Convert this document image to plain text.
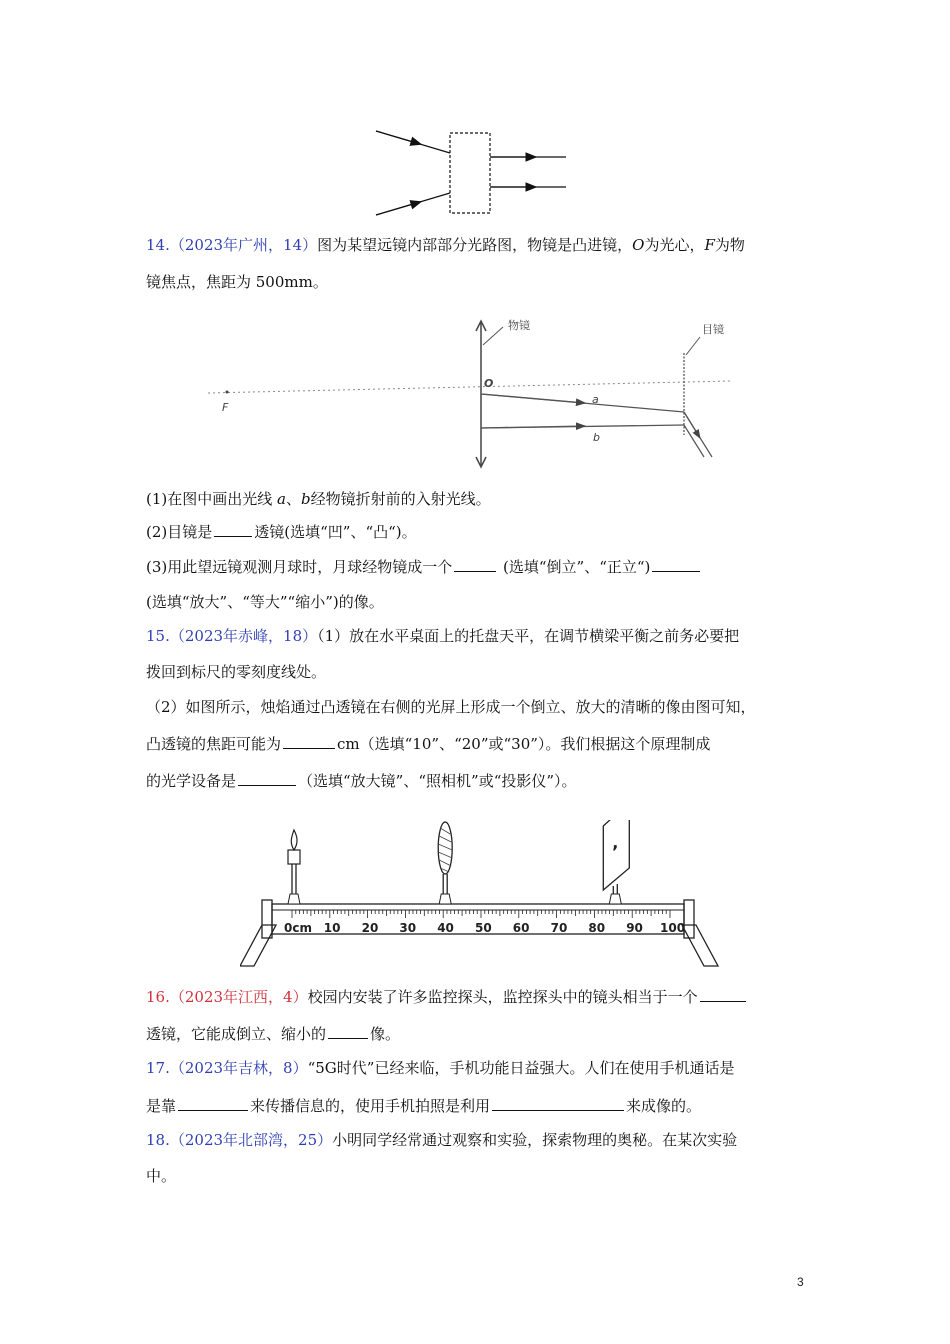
14.（2023年广州，14）图为某望远镜内部部分光路图，物镜是凸进镜，O为光心，F为物
镜焦点，焦距为 500mm。
F
物镜
O
目镜
a
b
(1)在图中画出光线 a、b经物镜折射前的入射光线。
(2)目镜是	透镜(选填“凹”、“凸“)。
(3)用此望远镜观测月球时，月球经物镜成一个	(选填“倒立”、“正立“)
(选填“放大”、“等大”“缩小”)的像。
15.（2023年赤峰，18）（1）放在水平桌面上的托盘天平，在调节横梁平衡之前务必要把
拨回到标尺的零刻度线处。
（2）如图所示，烛焰通过凸透镜在右侧的光屏上形成一个倒立、放大的清晰的像由图可知，
凸透镜的焦距可能为	cm（选填“10”、“20”或“30”）。我们根据这个原理制成
的光学设备是	（选填“放大镜”、“照相机”或“投影仪”）。
0cm 10 20 30 40 50 60 70 80 90 100
,
16.（2023年江西，4）校园内安装了许多监控探头，监控探头中的镜头相当于一个
透镜，它能成倒立、缩小的	像。
17.（2023年吉林，8）“5G时代”已经来临，手机功能日益强大。人们在使用手机通话是
是靠	来传播信息的，使用手机拍照是利用	来成像的。
18.（2023年北部湾，25）小明同学经常通过观察和实验，探索物理的奥秘。在某次实验
中。
3
